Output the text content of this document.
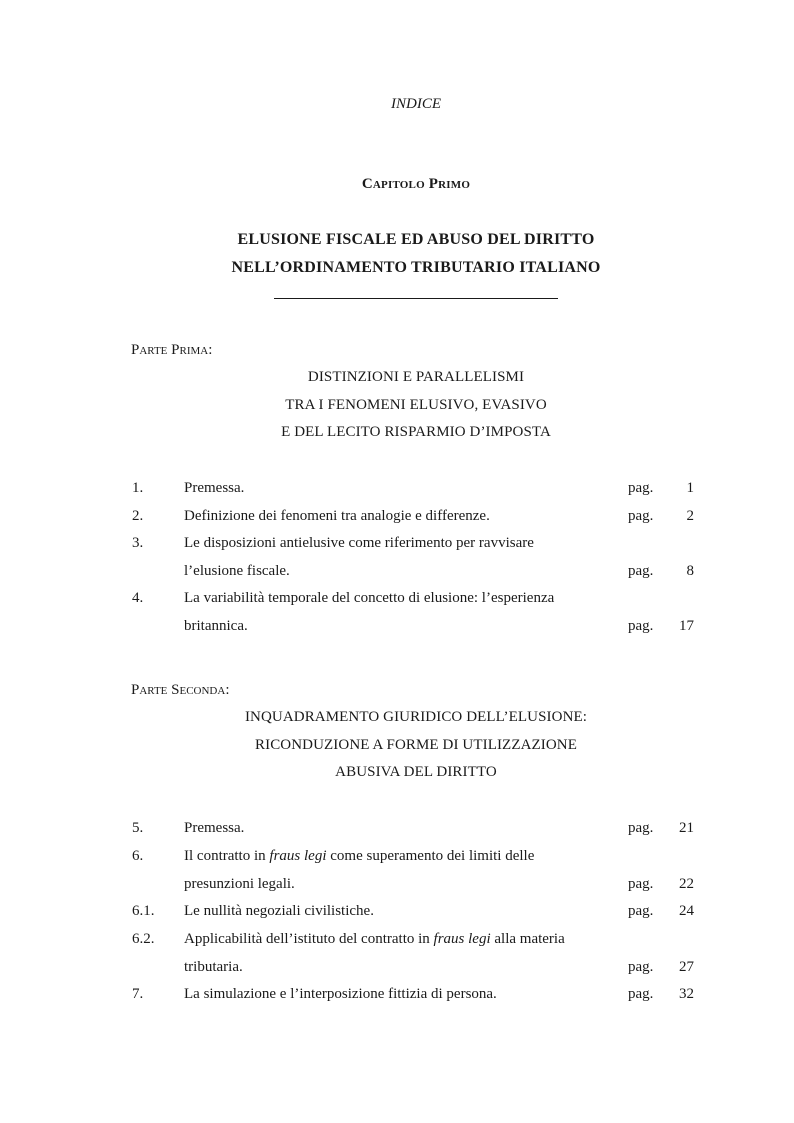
INDICE
Capitolo Primo
ELUSIONE FISCALE ED ABUSO DEL DIRITTO
NELL’ORDINAMENTO TRIBUTARIO ITALIANO
Parte Prima:
DISTINZIONI E PARALLELISMI
TRA I FENOMENI ELUSIVO, EVASIVO
E DEL LECITO RISPARMIO D’IMPOSTA
1.	Premessa.	pag. 1
2.	Definizione dei fenomeni tra analogie e differenze.	pag. 2
3.	Le disposizioni antielusive come riferimento per ravvisare
l’elusione fiscale.	pag. 8
4.	La variabilità temporale del concetto di elusione: l’esperienza
britannica.	pag. 17
Parte Seconda:
INQUADRAMENTO GIURIDICO DELL’ELUSIONE:
RICONDUZIONE A FORME DI UTILIZZAZIONE
ABUSIVA DEL DIRITTO
5.	Premessa.	pag. 21
6.	Il contratto in fraus legi come superamento dei limiti delle
presunzioni legali.	pag. 22
6.1. Le nullità negoziali civilistiche.	pag. 24
6.2. Applicabilità dell’istituto del contratto in fraus legi alla materia
tributaria.	pag. 27
7.	La simulazione e l’interposizione fittizia di persona.	pag. 32
